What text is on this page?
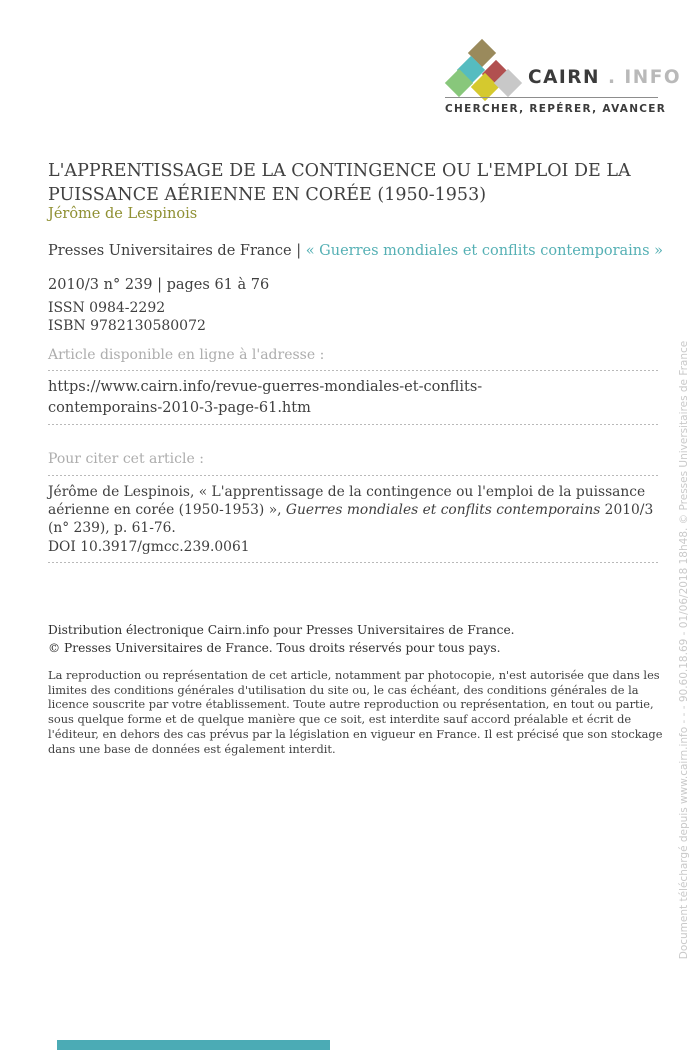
CAIRN . INFO
CHERCHER, REPÉRER, AVANCER
L'APPRENTISSAGE DE LA CONTINGENCE OU L'EMPLOI DE LA PUISSANCE AÉRIENNE EN CORÉE (1950-1953)
Jérôme de Lespinois
Presses Universitaires de France | « Guerres mondiales et conflits contemporains »
2010/3 n° 239 | pages 61 à 76
ISSN 0984-2292
ISBN 9782130580072
Article disponible en ligne à l'adresse :
https://www.cairn.info/revue-guerres-mondiales-et-conflits-
contemporains-2010-3-page-61.htm
Pour citer cet article :
Jérôme de Lespinois, « L'apprentissage de la contingence ou l'emploi de la puissance aérienne en corée (1950-1953) », Guerres mondiales et conflits contemporains 2010/3 (n° 239), p. 61-76.
DOI 10.3917/gmcc.239.0061
Distribution électronique Cairn.info pour Presses Universitaires de France.
© Presses Universitaires de France. Tous droits réservés pour tous pays.
La reproduction ou représentation de cet article, notamment par photocopie, n'est autorisée que dans les limites des conditions générales d'utilisation du site ou, le cas échéant, des conditions générales de la licence souscrite par votre établissement. Toute autre reproduction ou représentation, en tout ou partie, sous quelque forme et de quelque manière que ce soit, est interdite sauf accord préalable et écrit de l'éditeur, en dehors des cas prévus par la législation en vigueur en France. Il est précisé que son stockage dans une base de données est également interdit.	Document téléchargé depuis www.cairn.info - - - 90.60.18.69 - 01/06/2018 18h48. © Presses Universitaires de France
